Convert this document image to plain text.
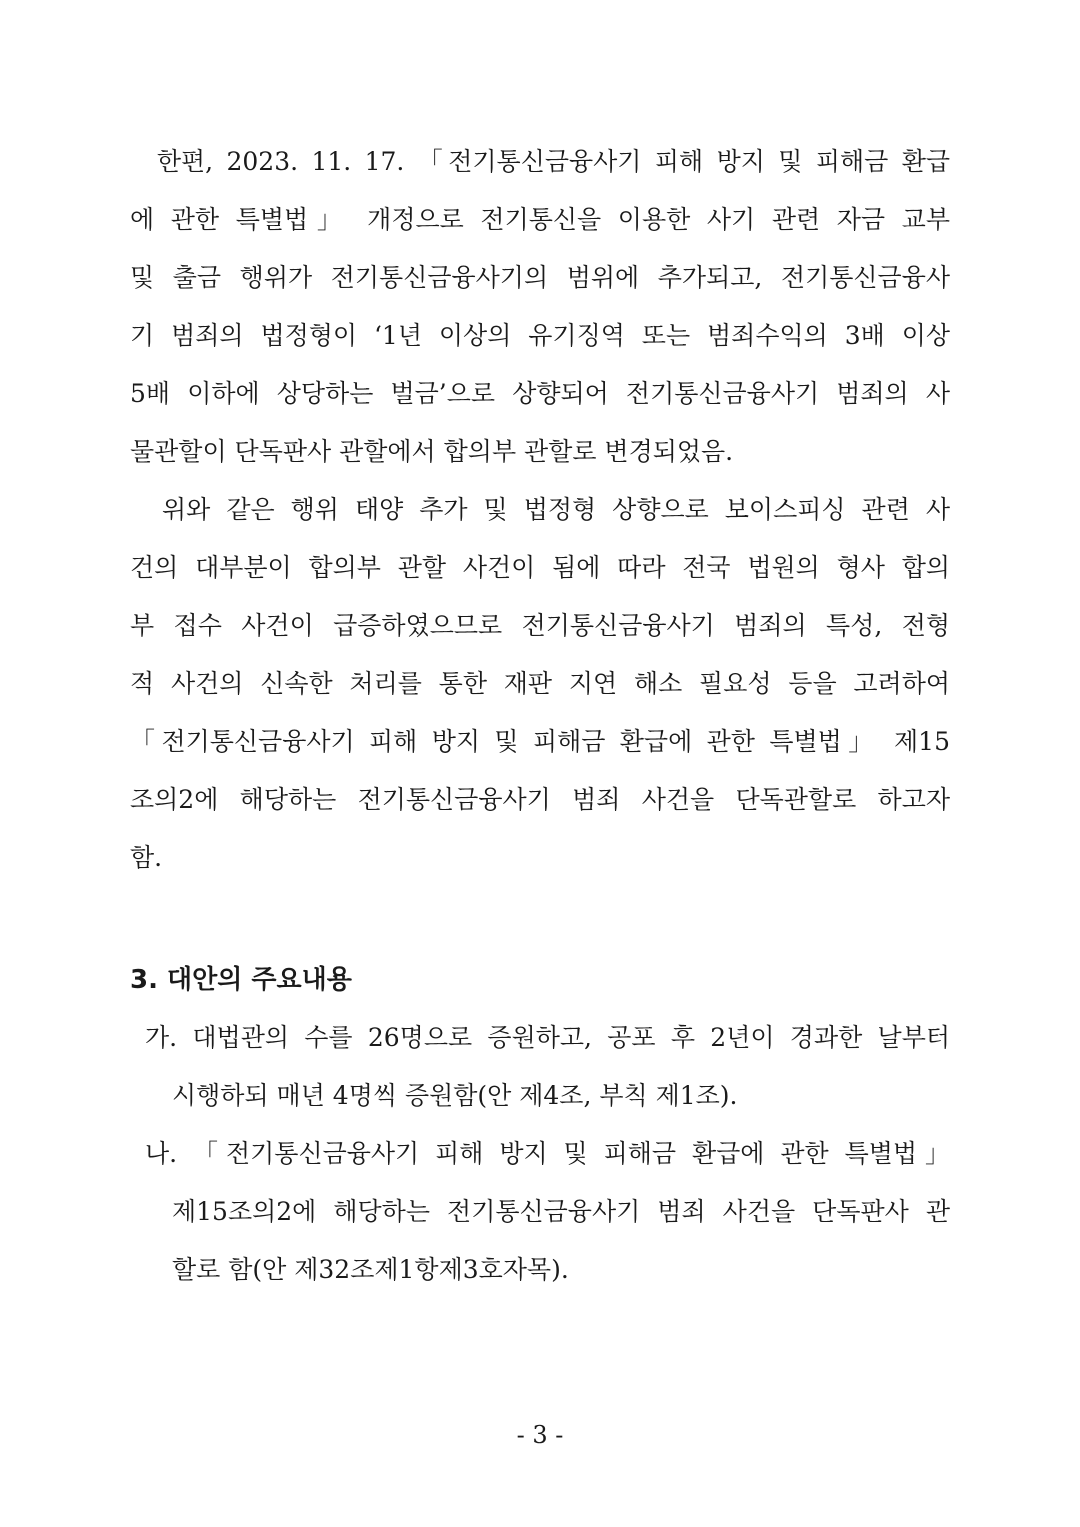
한편, 2023. 11. 17. 「전기통신금융사기 피해 방지 및 피해금 환급
에 관한 특별법」 개정으로 전기통신을 이용한 사기 관련 자금 교부
및 출금 행위가 전기통신금융사기의 범위에 추가되고, 전기통신금융사
기 범죄의 법정형이 ‘1년 이상의 유기징역 또는 범죄수익의 3배 이상
5배 이하에 상당하는 벌금’으로 상향되어 전기통신금융사기 범죄의 사
물관할이 단독판사 관할에서 합의부 관할로 변경되었음.
위와 같은 행위 태양 추가 및 법정형 상향으로 보이스피싱 관련 사
건의 대부분이 합의부 관할 사건이 됨에 따라 전국 법원의 형사 합의
부 접수 사건이 급증하였으므로 전기통신금융사기 범죄의 특성, 전형
적 사건의 신속한 처리를 통한 재판 지연 해소 필요성 등을 고려하여
「전기통신금융사기 피해 방지 및 피해금 환급에 관한 특별법」 제15
조의2에 해당하는 전기통신금융사기 범죄 사건을 단독관할로 하고자
함.
3. 대안의 주요내용
가. 대법관의 수를 26명으로 증원하고, 공포 후 2년이 경과한 날부터
시행하되 매년 4명씩 증원함(안 제4조, 부칙 제1조).
나. 「전기통신금융사기 피해 방지 및 피해금 환급에 관한 특별법」
제15조의2에 해당하는 전기통신금융사기 범죄 사건을 단독판사 관
할로 함(안 제32조제1항제3호자목).
- 3 -
